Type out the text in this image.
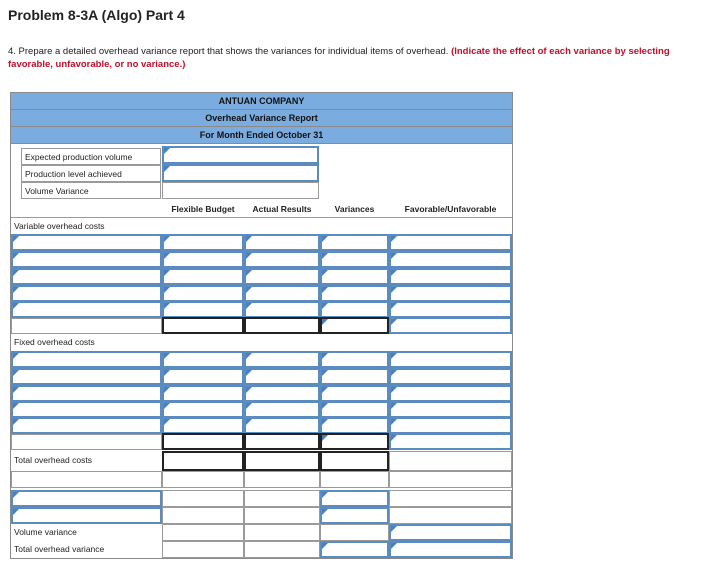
Problem 8-3A (Algo) Part 4

4. Prepare a detailed overhead variance report that shows the variances for individual items of overhead. (Indicate the effect of each variance by selecting favorable, unfavorable, or no variance.)

ANTUAN COMPANY
Overhead Variance Report
For Month Ended October 31
Expected production volume
Production level achieved
Volume Variance
Flexible Budget	Actual Results	Variances	Favorable/Unfavorable
Variable overhead costs
Fixed overhead costs
Total overhead costs
Volume variance
Total overhead variance
